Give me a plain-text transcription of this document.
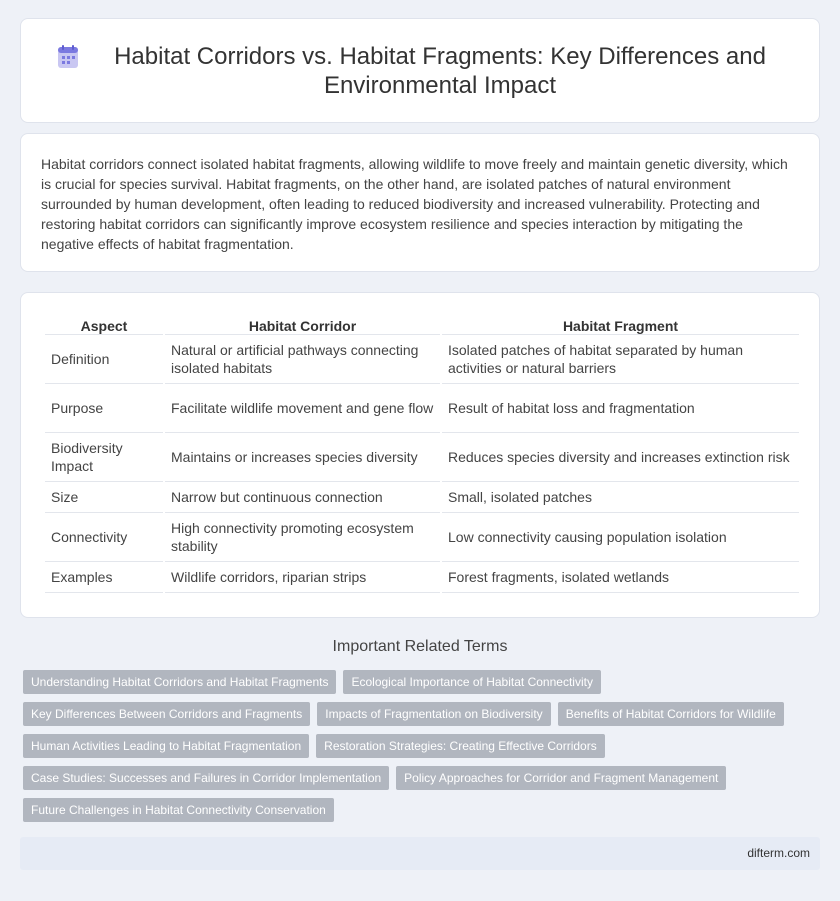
Habitat Corridors vs. Habitat Fragments: Key Differences and Environmental Impact

Habitat corridors connect isolated habitat fragments, allowing wildlife to move freely and maintain genetic diversity, which is crucial for species survival. Habitat fragments, on the other hand, are isolated patches of natural environment surrounded by human development, often leading to reduced biodiversity and increased vulnerability. Protecting and restoring habitat corridors can significantly improve ecosystem resilience and species interaction by mitigating the negative effects of habitat fragmentation.

Aspect	Habitat Corridor	Habitat Fragment
Definition	Natural or artificial pathways connecting isolated habitats	Isolated patches of habitat separated by human activities or natural barriers
Purpose	Facilitate wildlife movement and gene flow	Result of habitat loss and fragmentation
Biodiversity Impact	Maintains or increases species diversity	Reduces species diversity and increases extinction risk
Size	Narrow but continuous connection	Small, isolated patches
Connectivity	High connectivity promoting ecosystem stability	Low connectivity causing population isolation
Examples	Wildlife corridors, riparian strips	Forest fragments, isolated wetlands
Important Related Terms
Understanding Habitat Corridors and Habitat Fragments	Ecological Importance of Habitat Connectivity
Key Differences Between Corridors and Fragments	Impacts of Fragmentation on Biodiversity	Benefits of Habitat Corridors for Wildlife
Human Activities Leading to Habitat Fragmentation	Restoration Strategies: Creating Effective Corridors
Case Studies: Successes and Failures in Corridor Implementation	Policy Approaches for Corridor and Fragment Management
Future Challenges in Habitat Connectivity Conservation
difterm.com
